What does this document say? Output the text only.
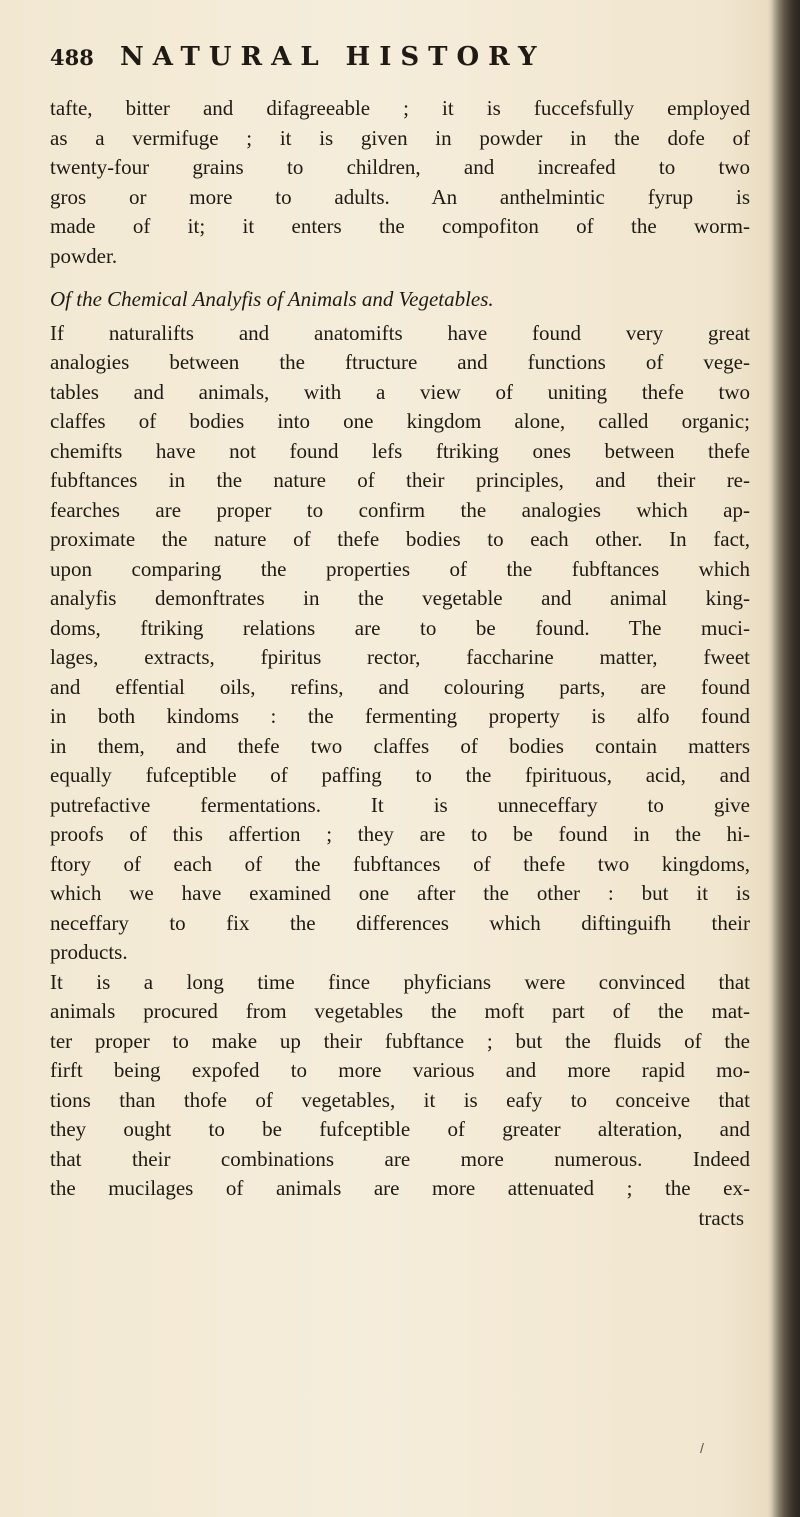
488	NATURAL HISTORY
tafte, bitter and difagreeable ; it is fuccefsfully employed
as a vermifuge ; it is given in powder in the dofe of
twenty-four grains to children, and increafed to two
gros or more to adults. An anthelmintic fyrup is
made of it; it enters the compofiton of the worm-
powder.
Of the Chemical Analyfis of Animals and Vegetables.
If naturalifts and anatomifts have found very great
analogies between the ftructure and functions of vege-
tables and animals, with a view of uniting thefe two
claffes of bodies into one kingdom alone, called organic;
chemifts have not found lefs ftriking ones between thefe
fubftances in the nature of their principles, and their re-
fearches are proper to confirm the analogies which ap-
proximate the nature of thefe bodies to each other. In fact,
upon comparing the properties of the fubftances which
analyfis demonftrates in the vegetable and animal king-
doms, ftriking relations are to be found. The muci-
lages, extracts, fpiritus rector, faccharine matter, fweet
and effential oils, refins, and colouring parts, are found
in both kindoms : the fermenting property is alfo found
in them, and thefe two claffes of bodies contain matters
equally fufceptible of paffing to the fpirituous, acid, and
putrefactive fermentations. It is unneceffary to give
proofs of this affertion ; they are to be found in the hi-
ftory of each of the fubftances of thefe two kingdoms,
which we have examined one after the other : but it is
neceffary to fix the differences which diftinguifh their
products.
It is a long time fince phyficians were convinced that
animals procured from vegetables the moft part of the mat-
ter proper to make up their fubftance ; but the fluids of the
firft being expofed to more various and more rapid mo-
tions than thofe of vegetables, it is eafy to conceive that
they ought to be fufceptible of greater alteration, and
that their combinations are more numerous. Indeed
the mucilages of animals are more attenuated ; the ex-
tracts
/
